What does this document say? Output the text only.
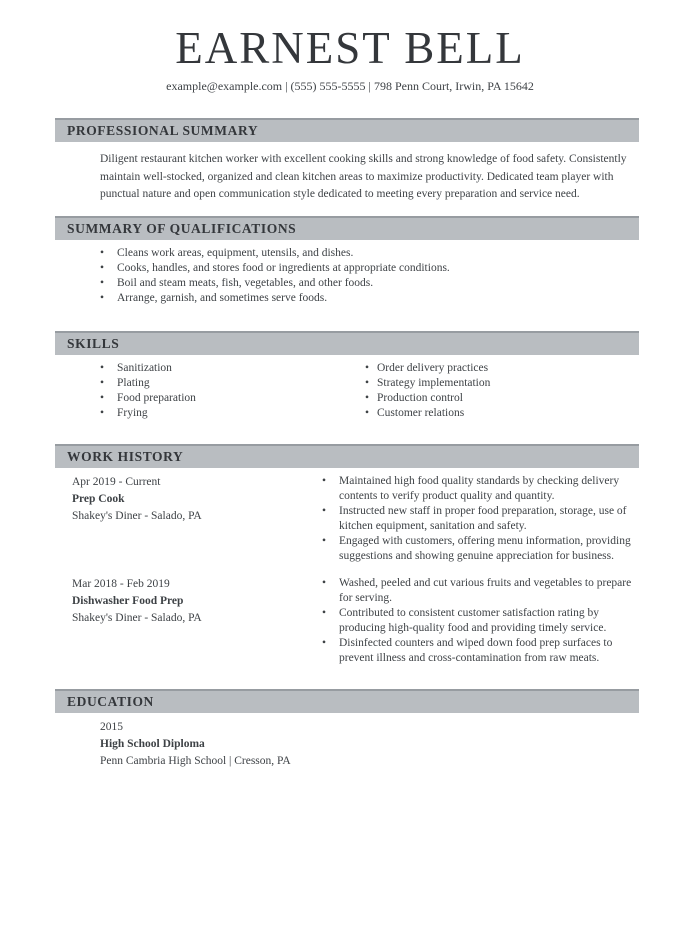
EARNEST BELL
example@example.com | (555) 555-5555 | 798 Penn Court, Irwin, PA 15642
PROFESSIONAL SUMMARY
Diligent restaurant kitchen worker with excellent cooking skills and strong knowledge of food safety. Consistently maintain well-stocked, organized and clean kitchen areas to maximize productivity. Dedicated team player with punctual nature and open communication style dedicated to meeting every preparation and service need.
SUMMARY OF QUALIFICATIONS
•	Cleans work areas, equipment, utensils, and dishes.
•	Cooks, handles, and stores food or ingredients at appropriate conditions.
•	Boil and steam meats, fish, vegetables, and other foods.
•	Arrange, garnish, and sometimes serve foods.
SKILLS
•	Sanitization
•	Plating
•	Food preparation
•	Frying
• Order delivery practices
• Strategy implementation
• Production control
• Customer relations
WORK HISTORY
Apr 2019 - Current
Prep Cook
Shakey's Diner - Salado, PA
•	Maintained high food quality standards by checking delivery contents to verify product quality and quantity.
•	Instructed new staff in proper food preparation, storage, use of kitchen equipment, sanitation and safety.
•	Engaged with customers, offering menu information, providing suggestions and showing genuine appreciation for business.
Mar 2018 - Feb 2019
Dishwasher Food Prep
Shakey's Diner - Salado, PA
•	Washed, peeled and cut various fruits and vegetables to prepare for serving.
•	Contributed to consistent customer satisfaction rating by producing high-quality food and providing timely service.
•	Disinfected counters and wiped down food prep surfaces to prevent illness and cross-contamination from raw meats.
EDUCATION
2015
High School Diploma
Penn Cambria High School | Cresson, PA
